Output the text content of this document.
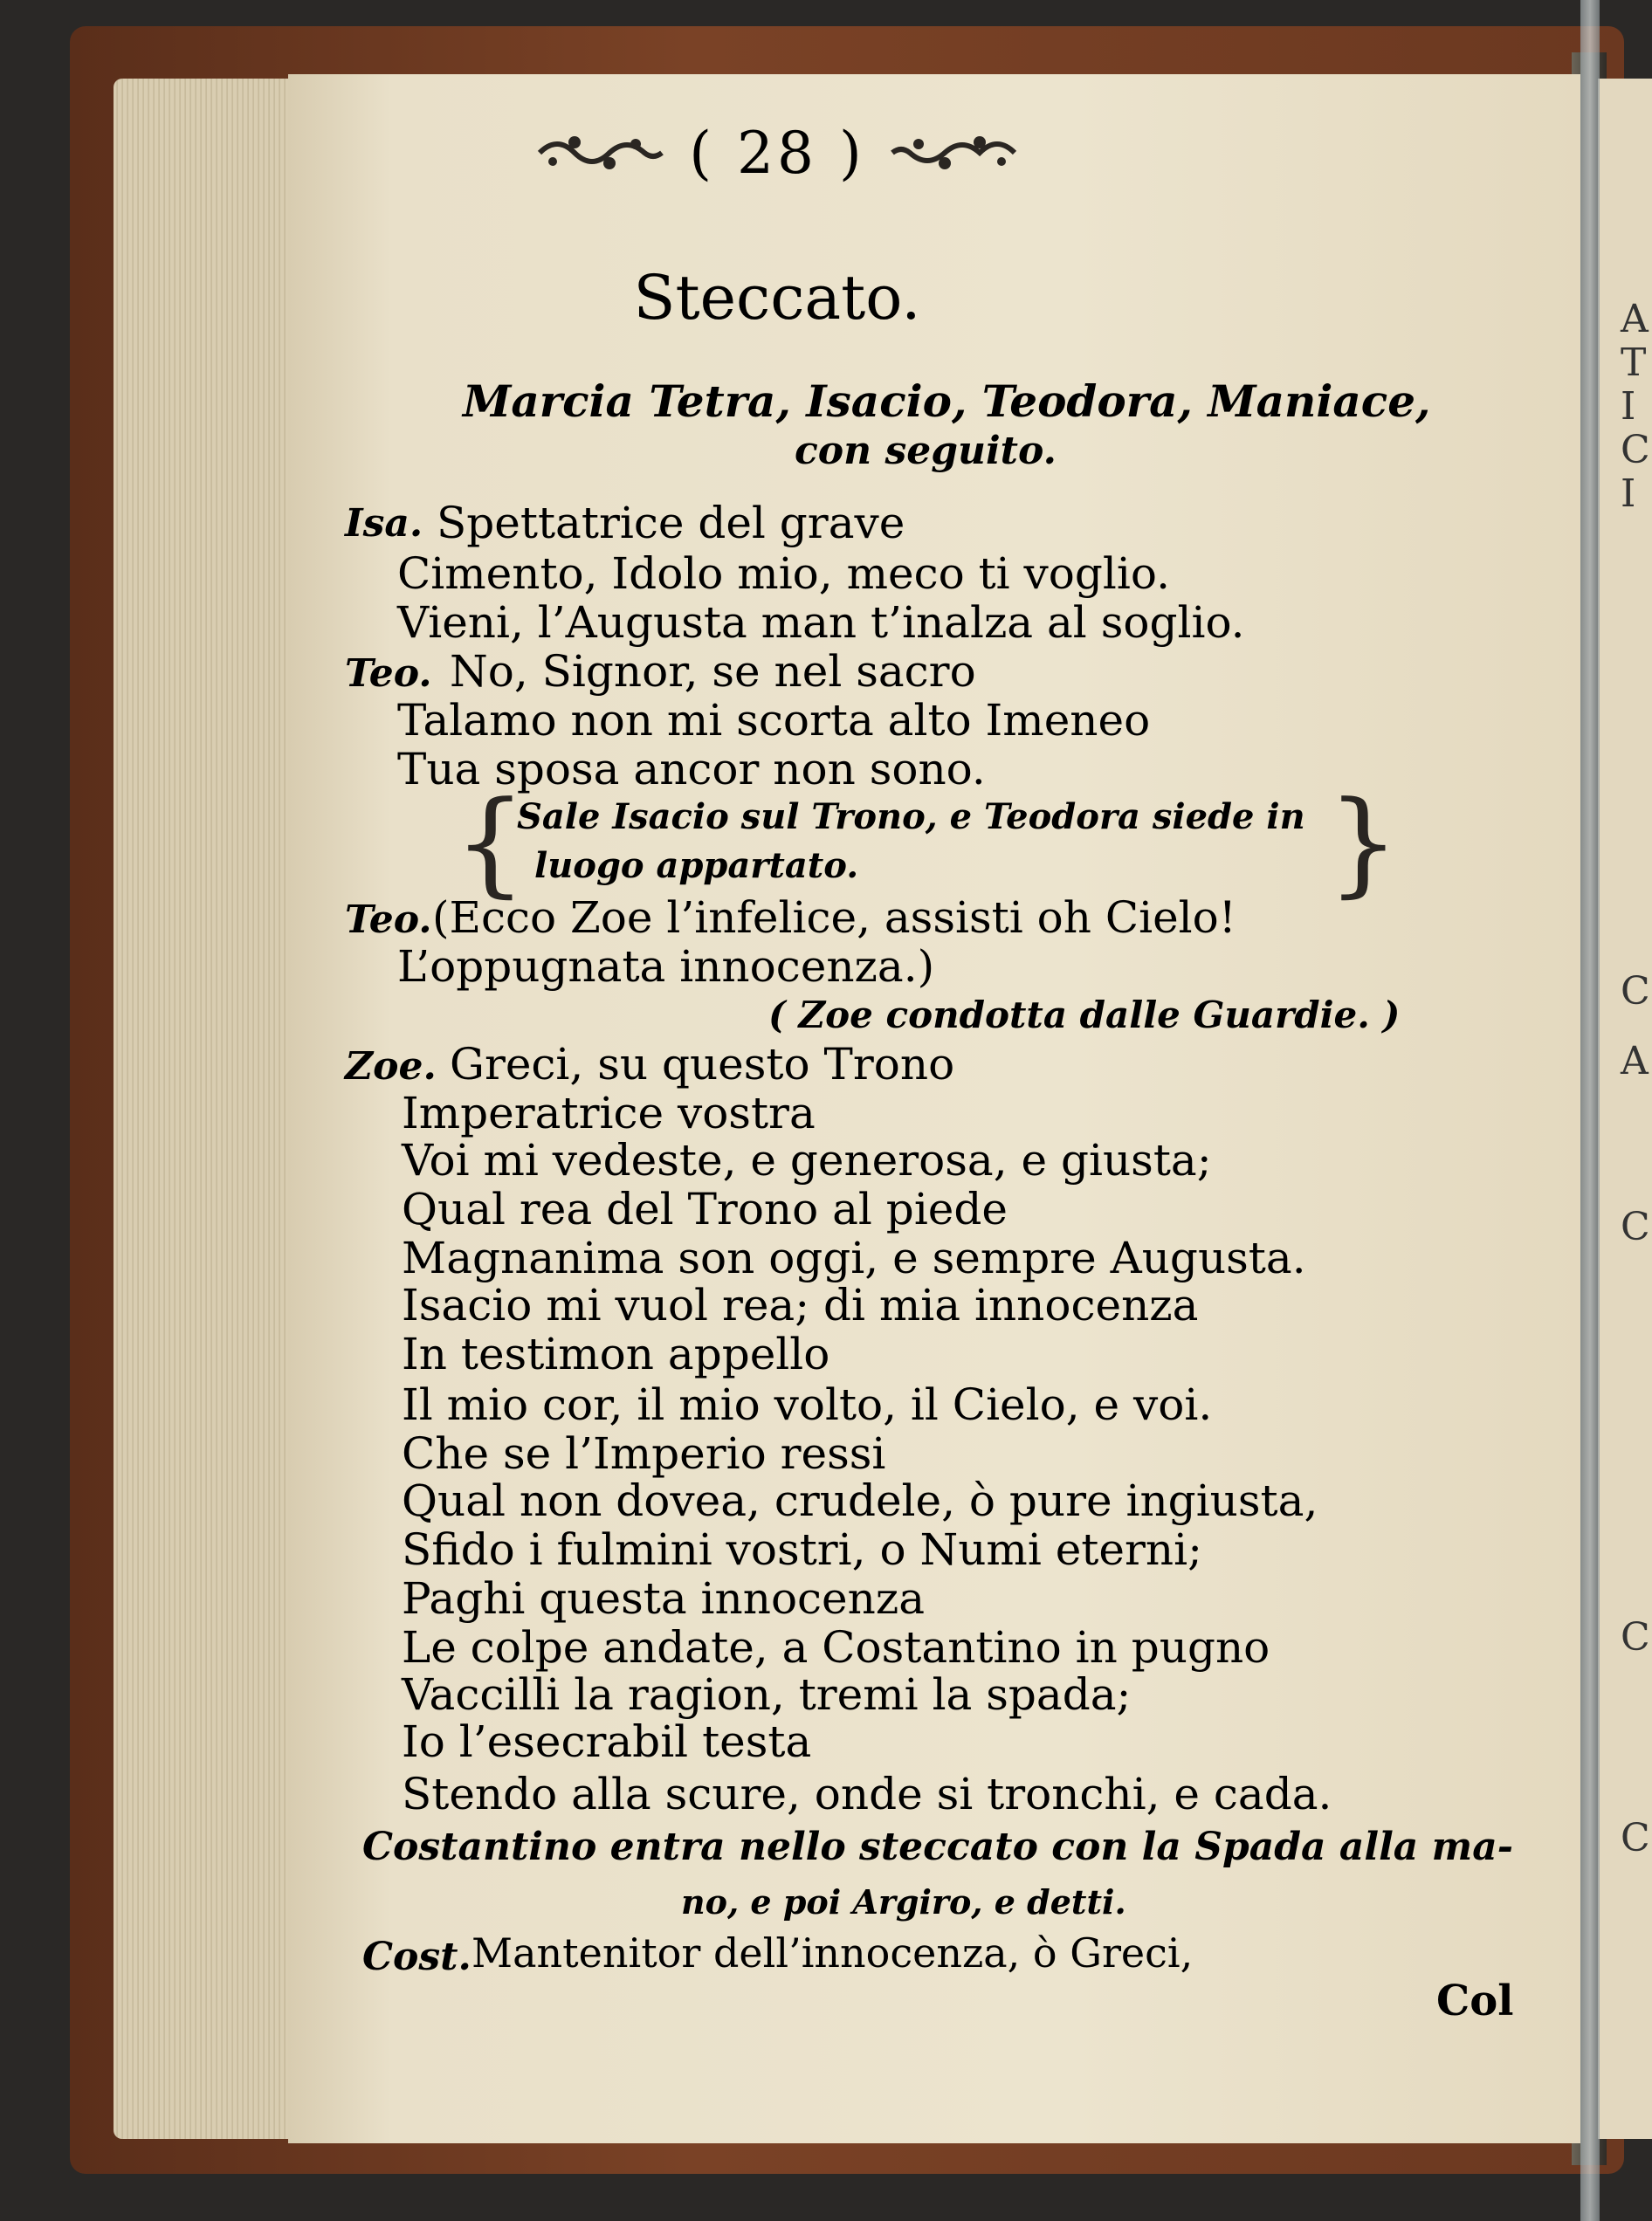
A
T
I
C
I
C
A
C
C
C
( 28 )
Steccato.
Marcia Tetra, Isacio, Teodora, Maniace,
con seguito.
Isa. Spettatrice del grave
Cimento, Idolo mio, meco ti voglio.
Vieni, l’Augusta man t’inalza al soglio.
Teo. No, Signor, se nel sacro
Talamo non mi scorta alto Imeneo
Tua sposa ancor non sono.
{
Sale Isacio sul Trono, e Teodora siede in
luogo appartato.	}
Teo. (Ecco Zoe l’infelice, assisti oh Cielo!
L’oppugnata innocenza.)
( Zoe condotta dalle Guardie. )
Zoe. Greci, su questo Trono
Imperatrice vostra
Voi mi vedeste, e generosa, e giusta;
Qual rea del Trono al piede
Magnanima son oggi, e sempre Augusta.
Isacio mi vuol rea; di mia innocenza
In testimon appello
Il mio cor, il mio volto, il Cielo, e voi.
Che se l’Imperio ressi
Qual non dovea, crudele, ò pure ingiusta,
Sfido i fulmini vostri, o Numi eterni;
Paghi questa innocenza
Le colpe andate, a Costantino in pugno
Vaccilli la ragion, tremi la spada;
Io l’esecrabil testa
Stendo alla scure, onde si tronchi, e cada.
Costantino entra nello steccato con la Spada alla ma-
no, e poi Argiro, e detti.
Cost. Mantenitor dell’innocenza, ò Greci,
Col
